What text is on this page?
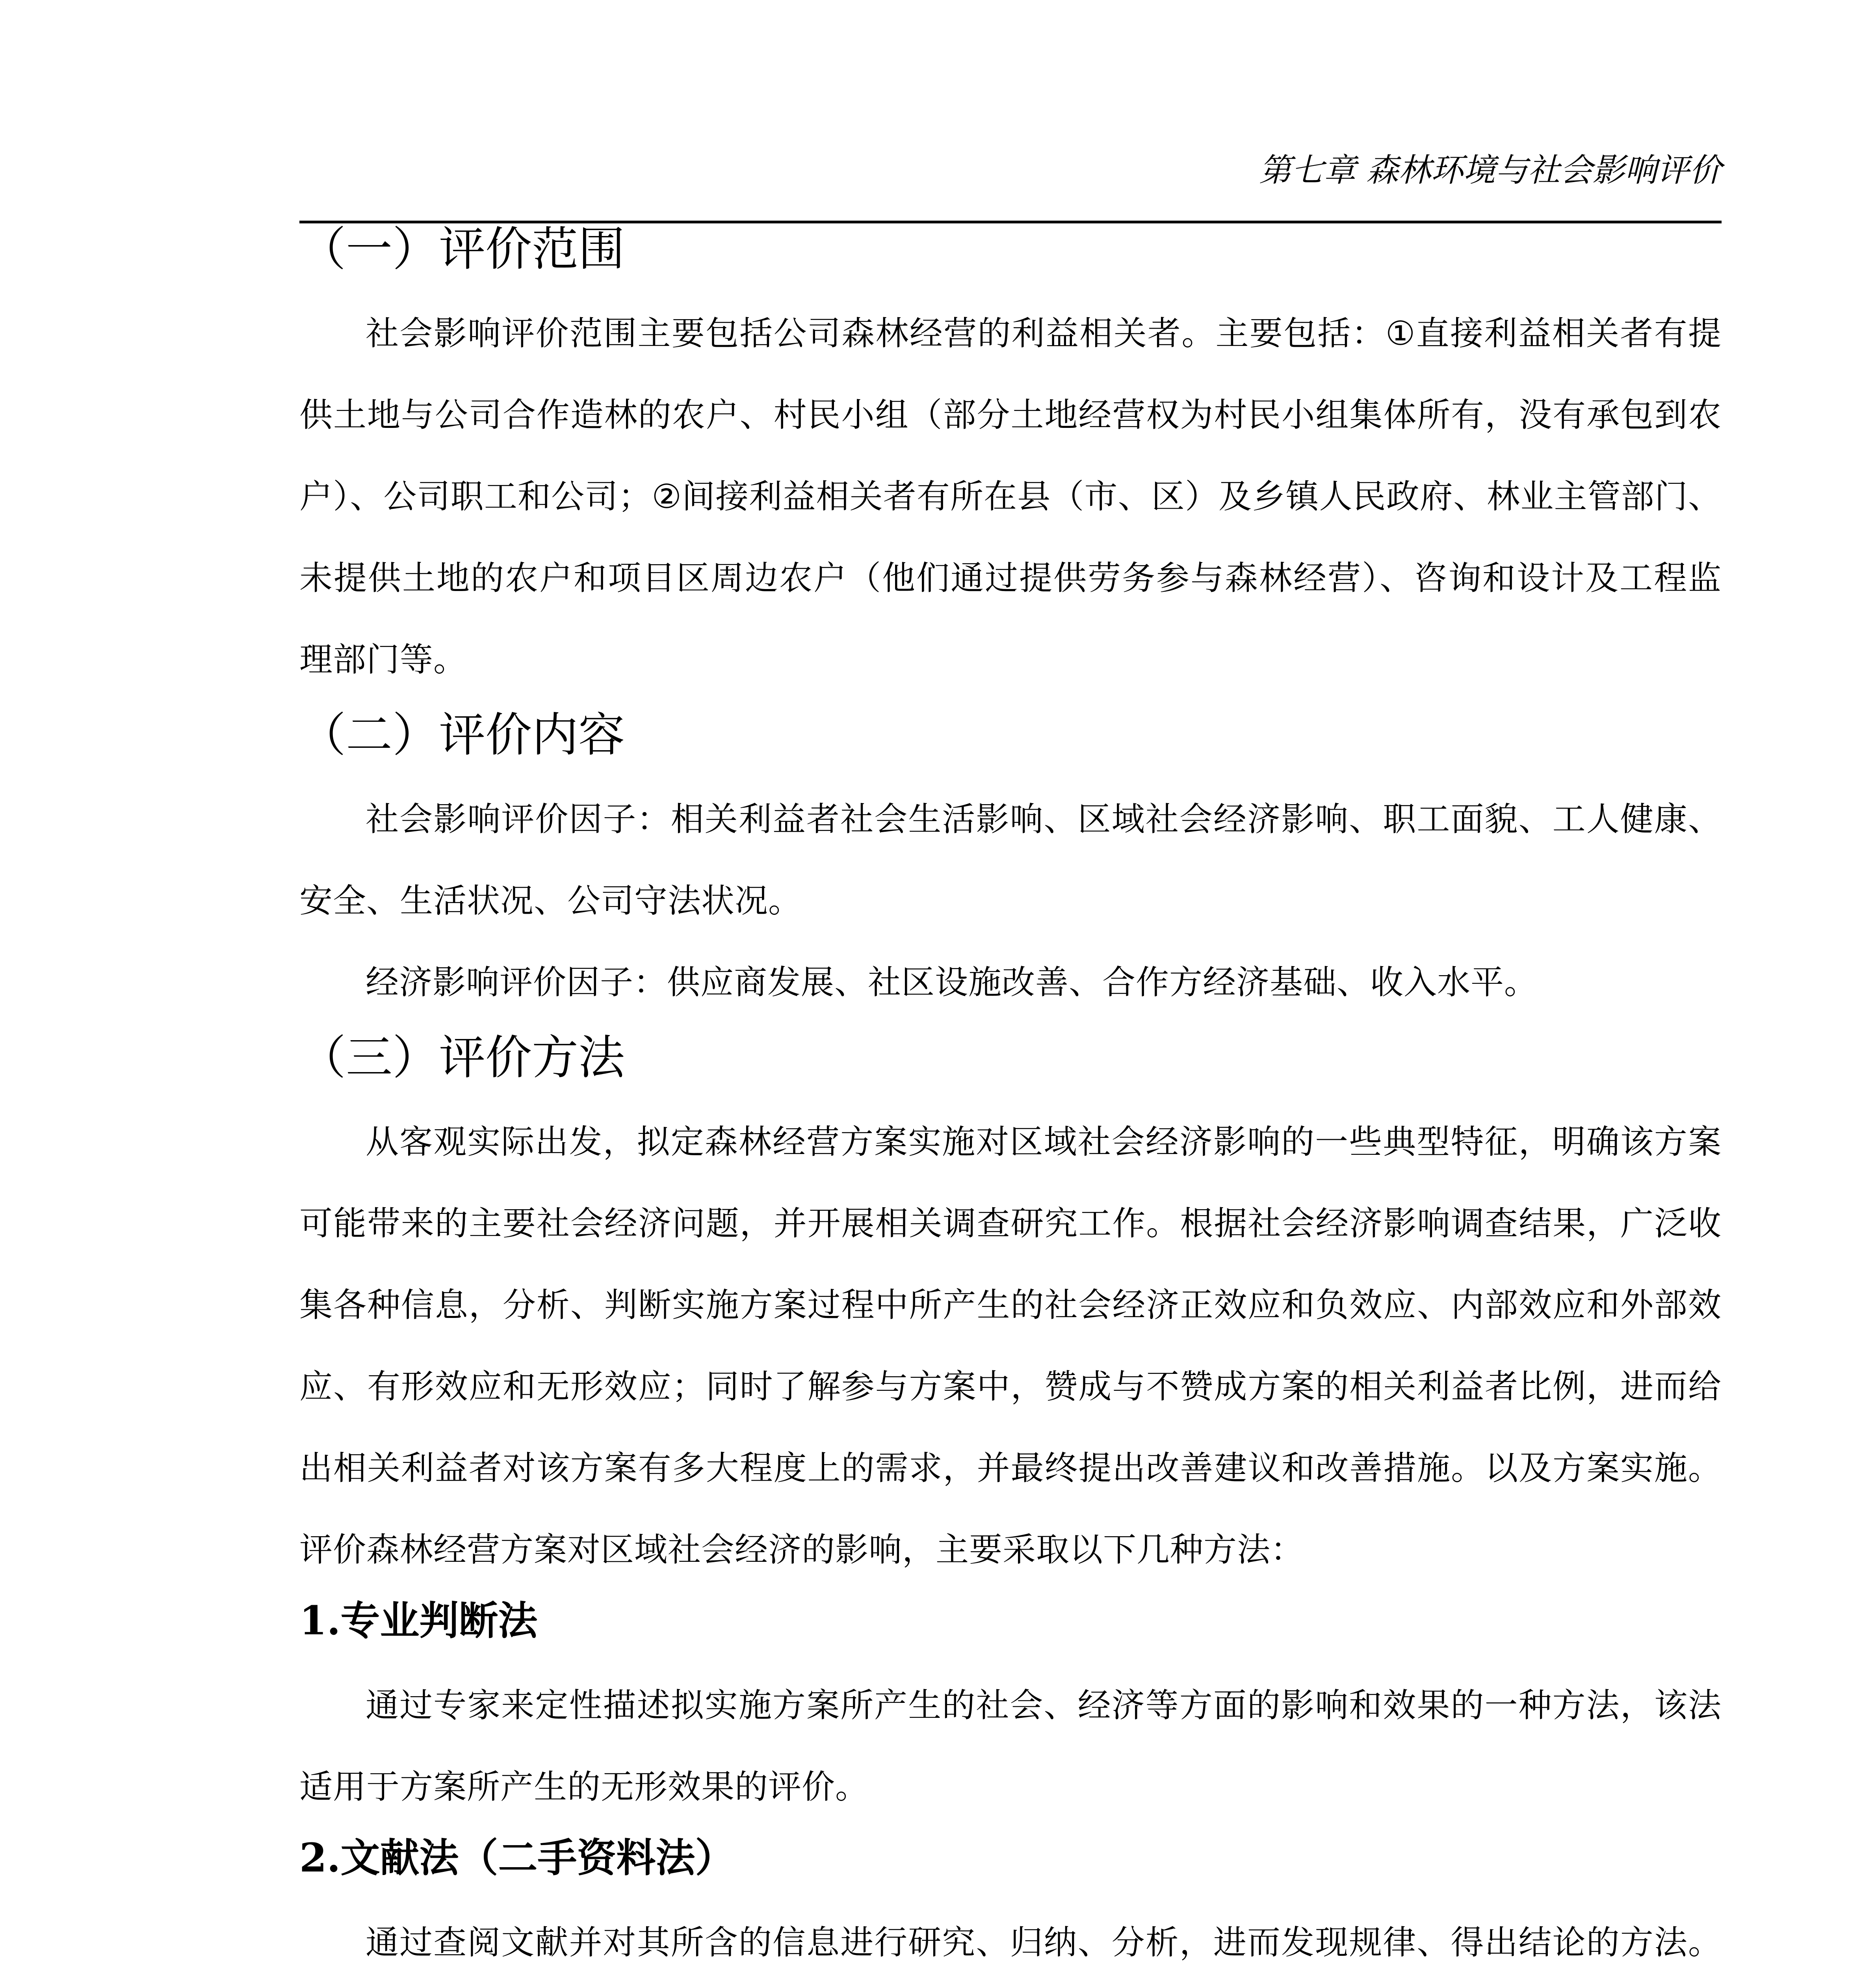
第七章 森林环境与社会影响评价
（一）评价范围

社会影响评价范围主要包括公司森林经营的利益相关者。主要包括：①直接利益相关者有提供土地与公司合作造林的农户、村民小组（部分土地经营权为村民小组集体所有，没有承包到农户）、公司职工和公司；②间接利益相关者有所在县（市、区）及乡镇人民政府、林业主管部门、未提供土地的农户和项目区周边农户（他们通过提供劳务参与森林经营）、咨询和设计及工程监理部门等。

（二）评价内容

社会影响评价因子：相关利益者社会生活影响、区域社会经济影响、职工面貌、工人健康、安全、生活状况、公司守法状况。

经济影响评价因子：供应商发展、社区设施改善、合作方经济基础、收入水平。

（三）评价方法

从客观实际出发，拟定森林经营方案实施对区域社会经济影响的一些典型特征，明确该方案可能带来的主要社会经济问题，并开展相关调查研究工作。根据社会经济影响调查结果，广泛收集各种信息，分析、判断实施方案过程中所产生的社会经济正效应和负效应、内部效应和外部效应、有形效应和无形效应；同时了解参与方案中，赞成与不赞成方案的相关利益者比例，进而给出相关利益者对该方案有多大程度上的需求，并最终提出改善建议和改善措施。以及方案实施。评价森林经营方案对区域社会经济的影响，主要采取以下几种方法：

1.专业判断法

通过专家来定性描述拟实施方案所产生的社会、经济等方面的影响和效果的一种方法，该法适用于方案所产生的无形效果的评价。

2.文献法（二手资料法）

通过查阅文献并对其所含的信息进行研究、归纳、分析，进而发现规律、得出结论的方法。
